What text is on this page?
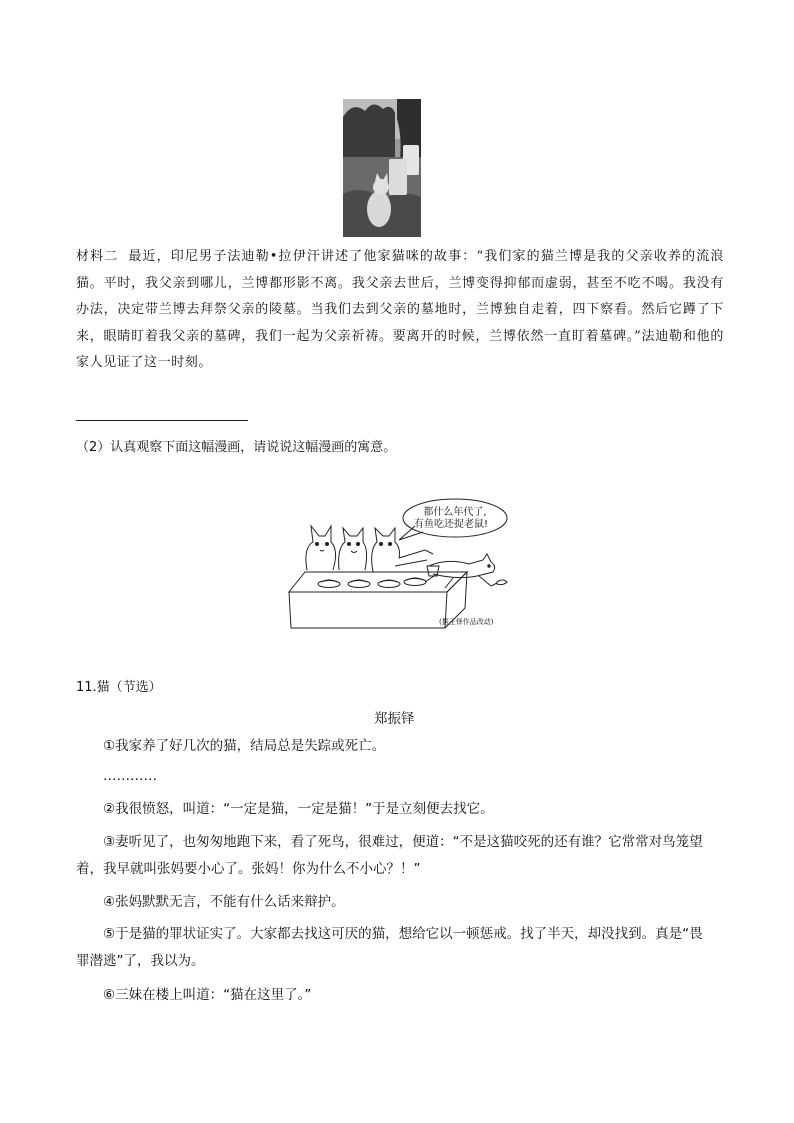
材料二 最近，印尼男子法迪勒•拉伊汗讲述了他家猫咪的故事：“我们家的猫兰博是我的父亲收养的流浪猫。平时，我父亲到哪儿，兰博都形影不离。我父亲去世后，兰博变得抑郁而虚弱，甚至不吃不喝。我没有办法，决定带兰博去拜祭父亲的陵墓。当我们去到父亲的墓地时，兰博独自走着，四下察看。然后它蹲了下来，眼睛盯着我父亲的墓碑，我们一起为父亲祈祷。要离开的时候，兰博依然一直盯着墓碑。”法迪勒和他的家人见证了这一时刻。
（2）认真观察下面这幅漫画，请说说这幅漫画的寓意。
都什么年代了,
有鱼吃还捉老鼠!
(据王怿作品改动)
11.猫（节选）
郑振铎
①我家养了好几次的猫，结局总是失踪或死亡。
…………
②我很愤怒，叫道：“一定是猫，一定是猫！”于是立刻便去找它。
③妻听见了，也匆匆地跑下来，看了死鸟，很难过，便道：“不是这猫咬死的还有谁？它常常对鸟笼望着，我早就叫张妈要小心了。张妈！你为什么不小心？！”
④张妈默默无言，不能有什么话来辩护。
⑤于是猫的罪状证实了。大家都去找这可厌的猫，想给它以一顿惩戒。找了半天，却没找到。真是“畏罪潜逃”了，我以为。
⑥三妹在楼上叫道：“猫在这里了。”
